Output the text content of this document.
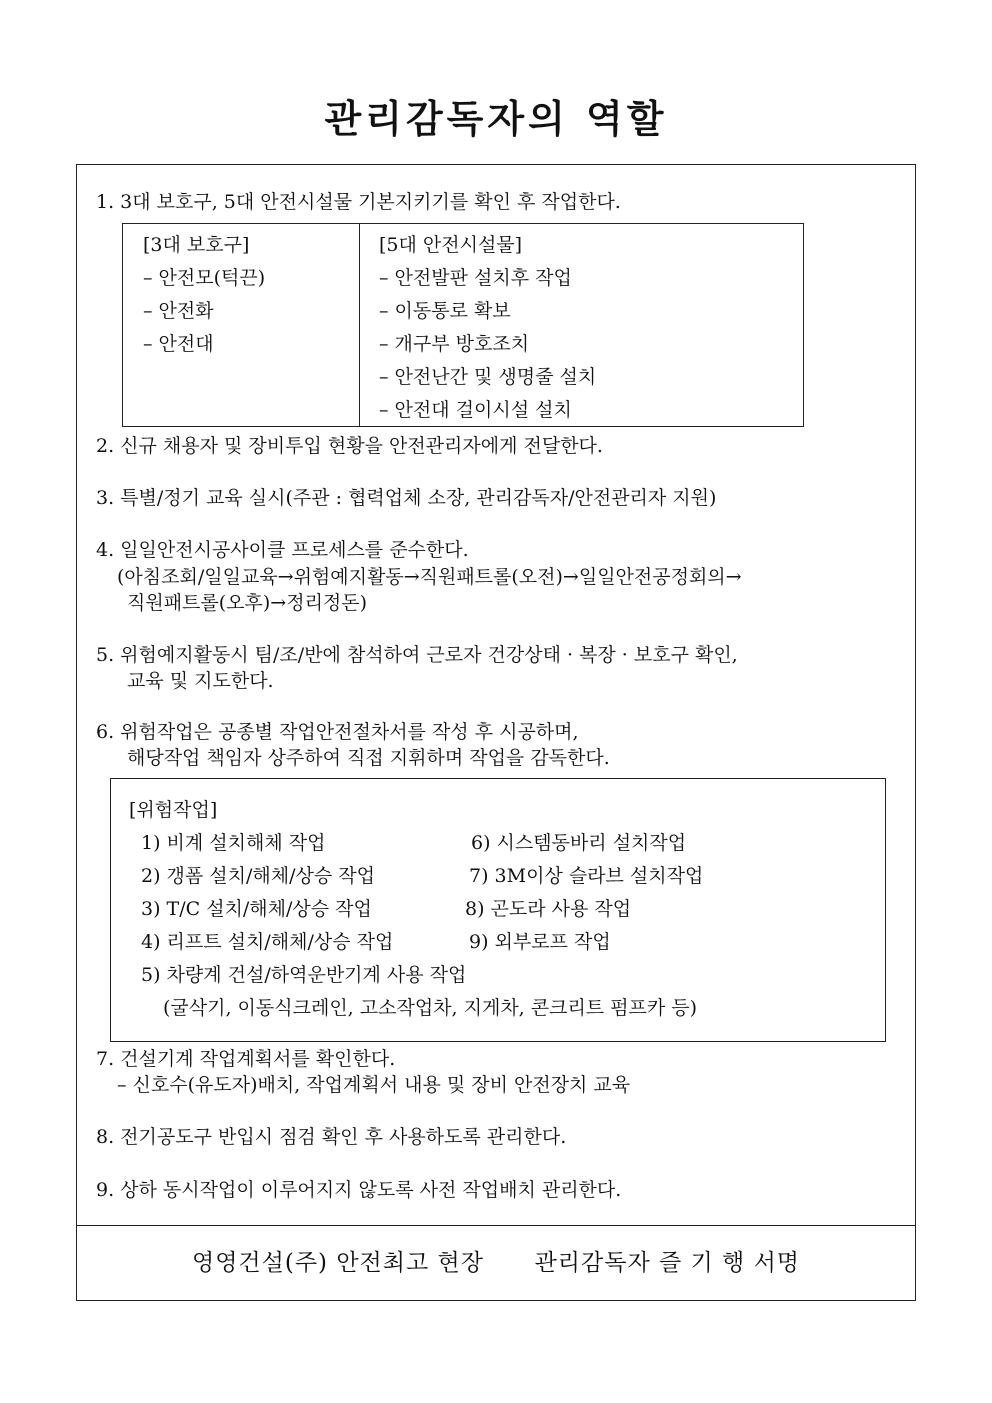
관리감독자의 역할
1. 3대 보호구, 5대 안전시설물 기본지키기를 확인 후 작업한다.
[3대 보호구]
– 안전모(턱끈)
– 안전화
– 안전대
[5대 안전시설물]
– 안전발판 설치후 작업
– 이동통로 확보
– 개구부 방호조치
– 안전난간 및 생명줄 설치
– 안전대 걸이시설 설치
2. 신규 채용자 및 장비투입 현황을 안전관리자에게 전달한다.
3. 특별/정기 교육 실시(주관 : 협력업체 소장, 관리감독자/안전관리자 지원)
4. 일일안전시공사이클 프로세스를 준수한다.
(아침조회/일일교육→위험예지활동→직원패트롤(오전)→일일안전공정회의→
직원패트롤(오후)→정리정돈)
5. 위험예지활동시 팀/조/반에 참석하여 근로자 건강상태 · 복장 · 보호구 확인,
교육 및 지도한다.
6. 위험작업은 공종별 작업안전절차서를 작성 후 시공하며,
해당작업 책임자 상주하여 직접 지휘하며 작업을 감독한다.
[위험작업]
1) 비계 설치해체 작업
2) 갱폼 설치/해체/상승 작업
3) T/C 설치/해체/상승 작업
4) 리프트 설치/해체/상승 작업
6) 시스템동바리 설치작업
7) 3M이상 슬라브 설치작업
8) 곤도라 사용 작업
9) 외부로프 작업
5) 차량계 건설/하역운반기계 사용 작업
(굴삭기, 이동식크레인, 고소작업차, 지게차, 콘크리트 펌프카 등)
7. 건설기계 작업계획서를 확인한다.
– 신호수(유도자)배치, 작업계획서 내용 및 장비 안전장치 교육
8. 전기공도구 반입시 점검 확인 후 사용하도록 관리한다.
9. 상하 동시작업이 이루어지지 않도록 사전 작업배치 관리한다.
영영건설(주) 안전최고 현장 관리감독자 즐 기 행 서명
